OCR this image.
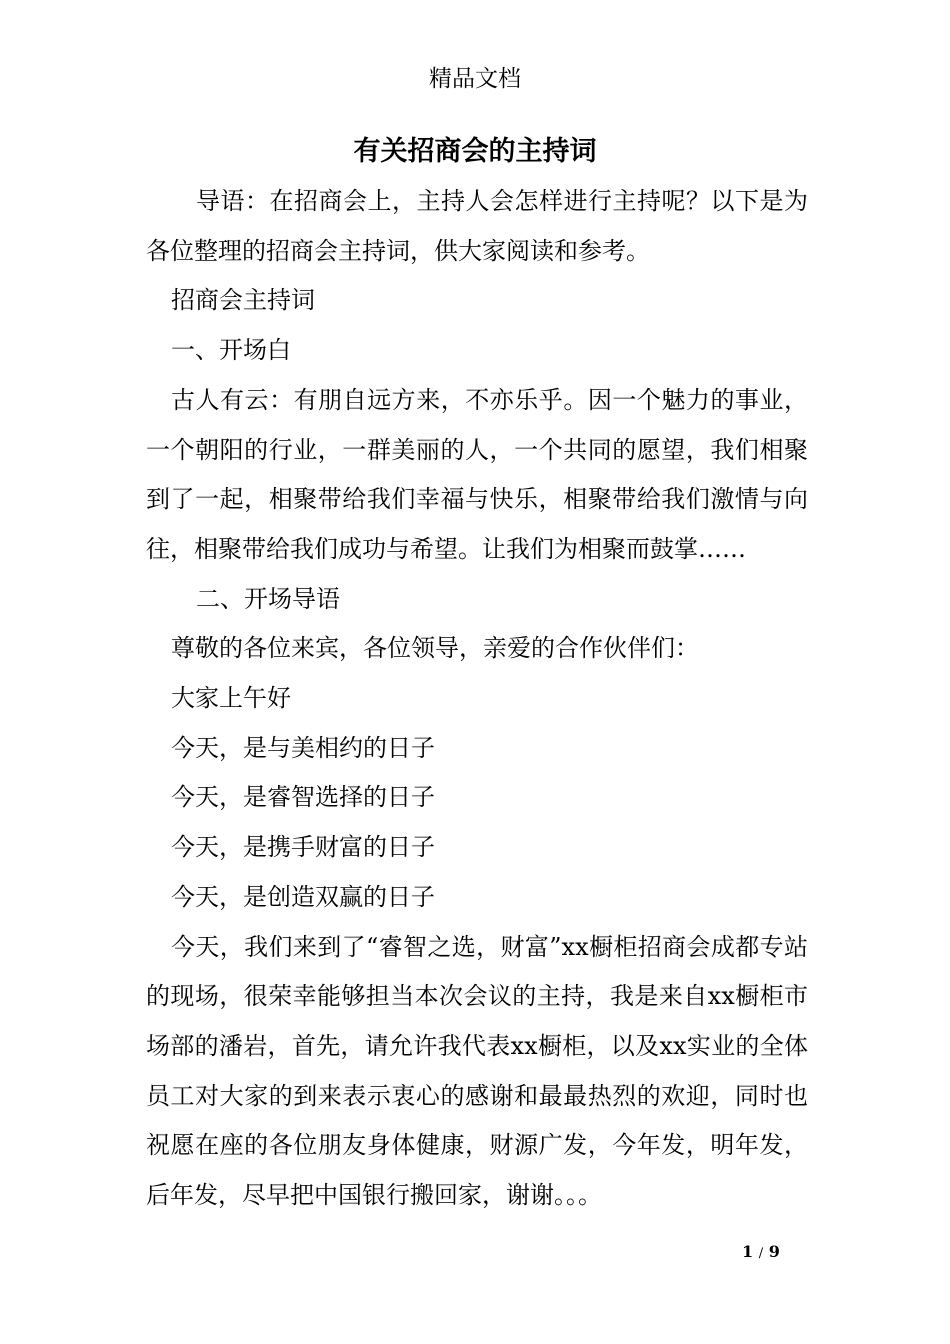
精品文档
有关招商会的主持词

导语：在招商会上，主持人会怎样进行主持呢？以下是为各位整理的招商会主持词，供大家阅读和参考。

招商会主持词

一、开场白

古人有云：有朋自远方来，不亦乐乎。因一个魅力的事业，一个朝阳的行业，一群美丽的人，一个共同的愿望，我们相聚到了一起，相聚带给我们幸福与快乐，相聚带给我们激情与向往，相聚带给我们成功与希望。让我们为相聚而鼓掌……

二、开场导语

尊敬的各位来宾，各位领导，亲爱的合作伙伴们：

大家上午好

今天，是与美相约的日子

今天，是睿智选择的日子

今天，是携手财富的日子

今天，是创造双赢的日子

今天，我们来到了“睿智之选，财富”xx橱柜招商会成都专站的现场，很荣幸能够担当本次会议的主持，我是来自xx橱柜市场部的潘岩，首先，请允许我代表xx橱柜，以及xx实业的全体员工对大家的到来表示衷心的感谢和最最热烈的欢迎，同时也祝愿在座的各位朋友身体健康，财源广发，今年发，明年发，后年发，尽早把中国银行搬回家，谢谢。。。

1 / 9
